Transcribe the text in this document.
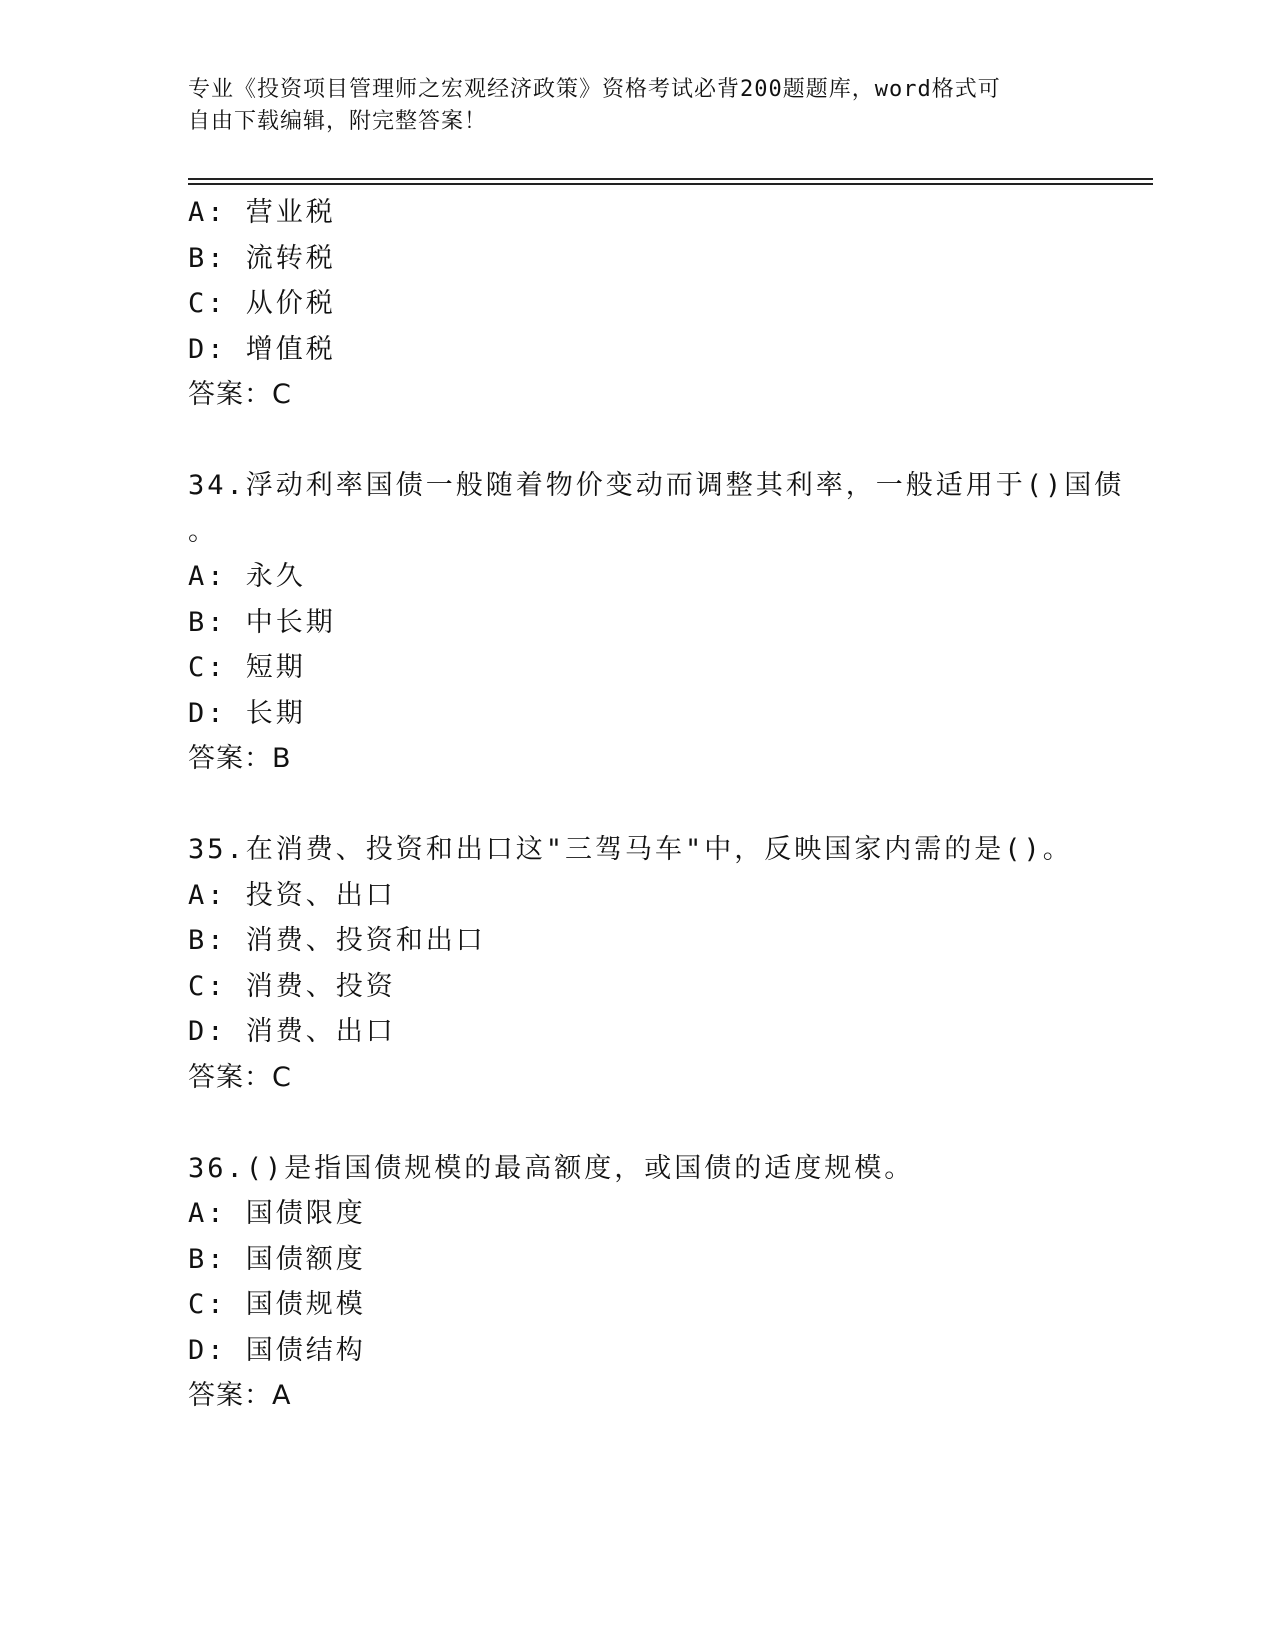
专业《投资项目管理师之宏观经济政策》资格考试必背200题题库，word格式可
自由下载编辑，附完整答案！
A: 营业税
B: 流转税
C: 从价税
D: 增值税
答案：C
34.浮动利率国债一般随着物价变动而调整其利率，一般适用于()国债
。
A: 永久
B: 中长期
C: 短期
D: 长期
答案：B
35.在消费、投资和出口这"三驾马车"中，反映国家内需的是()。
A: 投资、出口
B: 消费、投资和出口
C: 消费、投资
D: 消费、出口
答案：C
36.()是指国债规模的最高额度，或国债的适度规模。
A: 国债限度
B: 国债额度
C: 国债规模
D: 国债结构
答案：A
